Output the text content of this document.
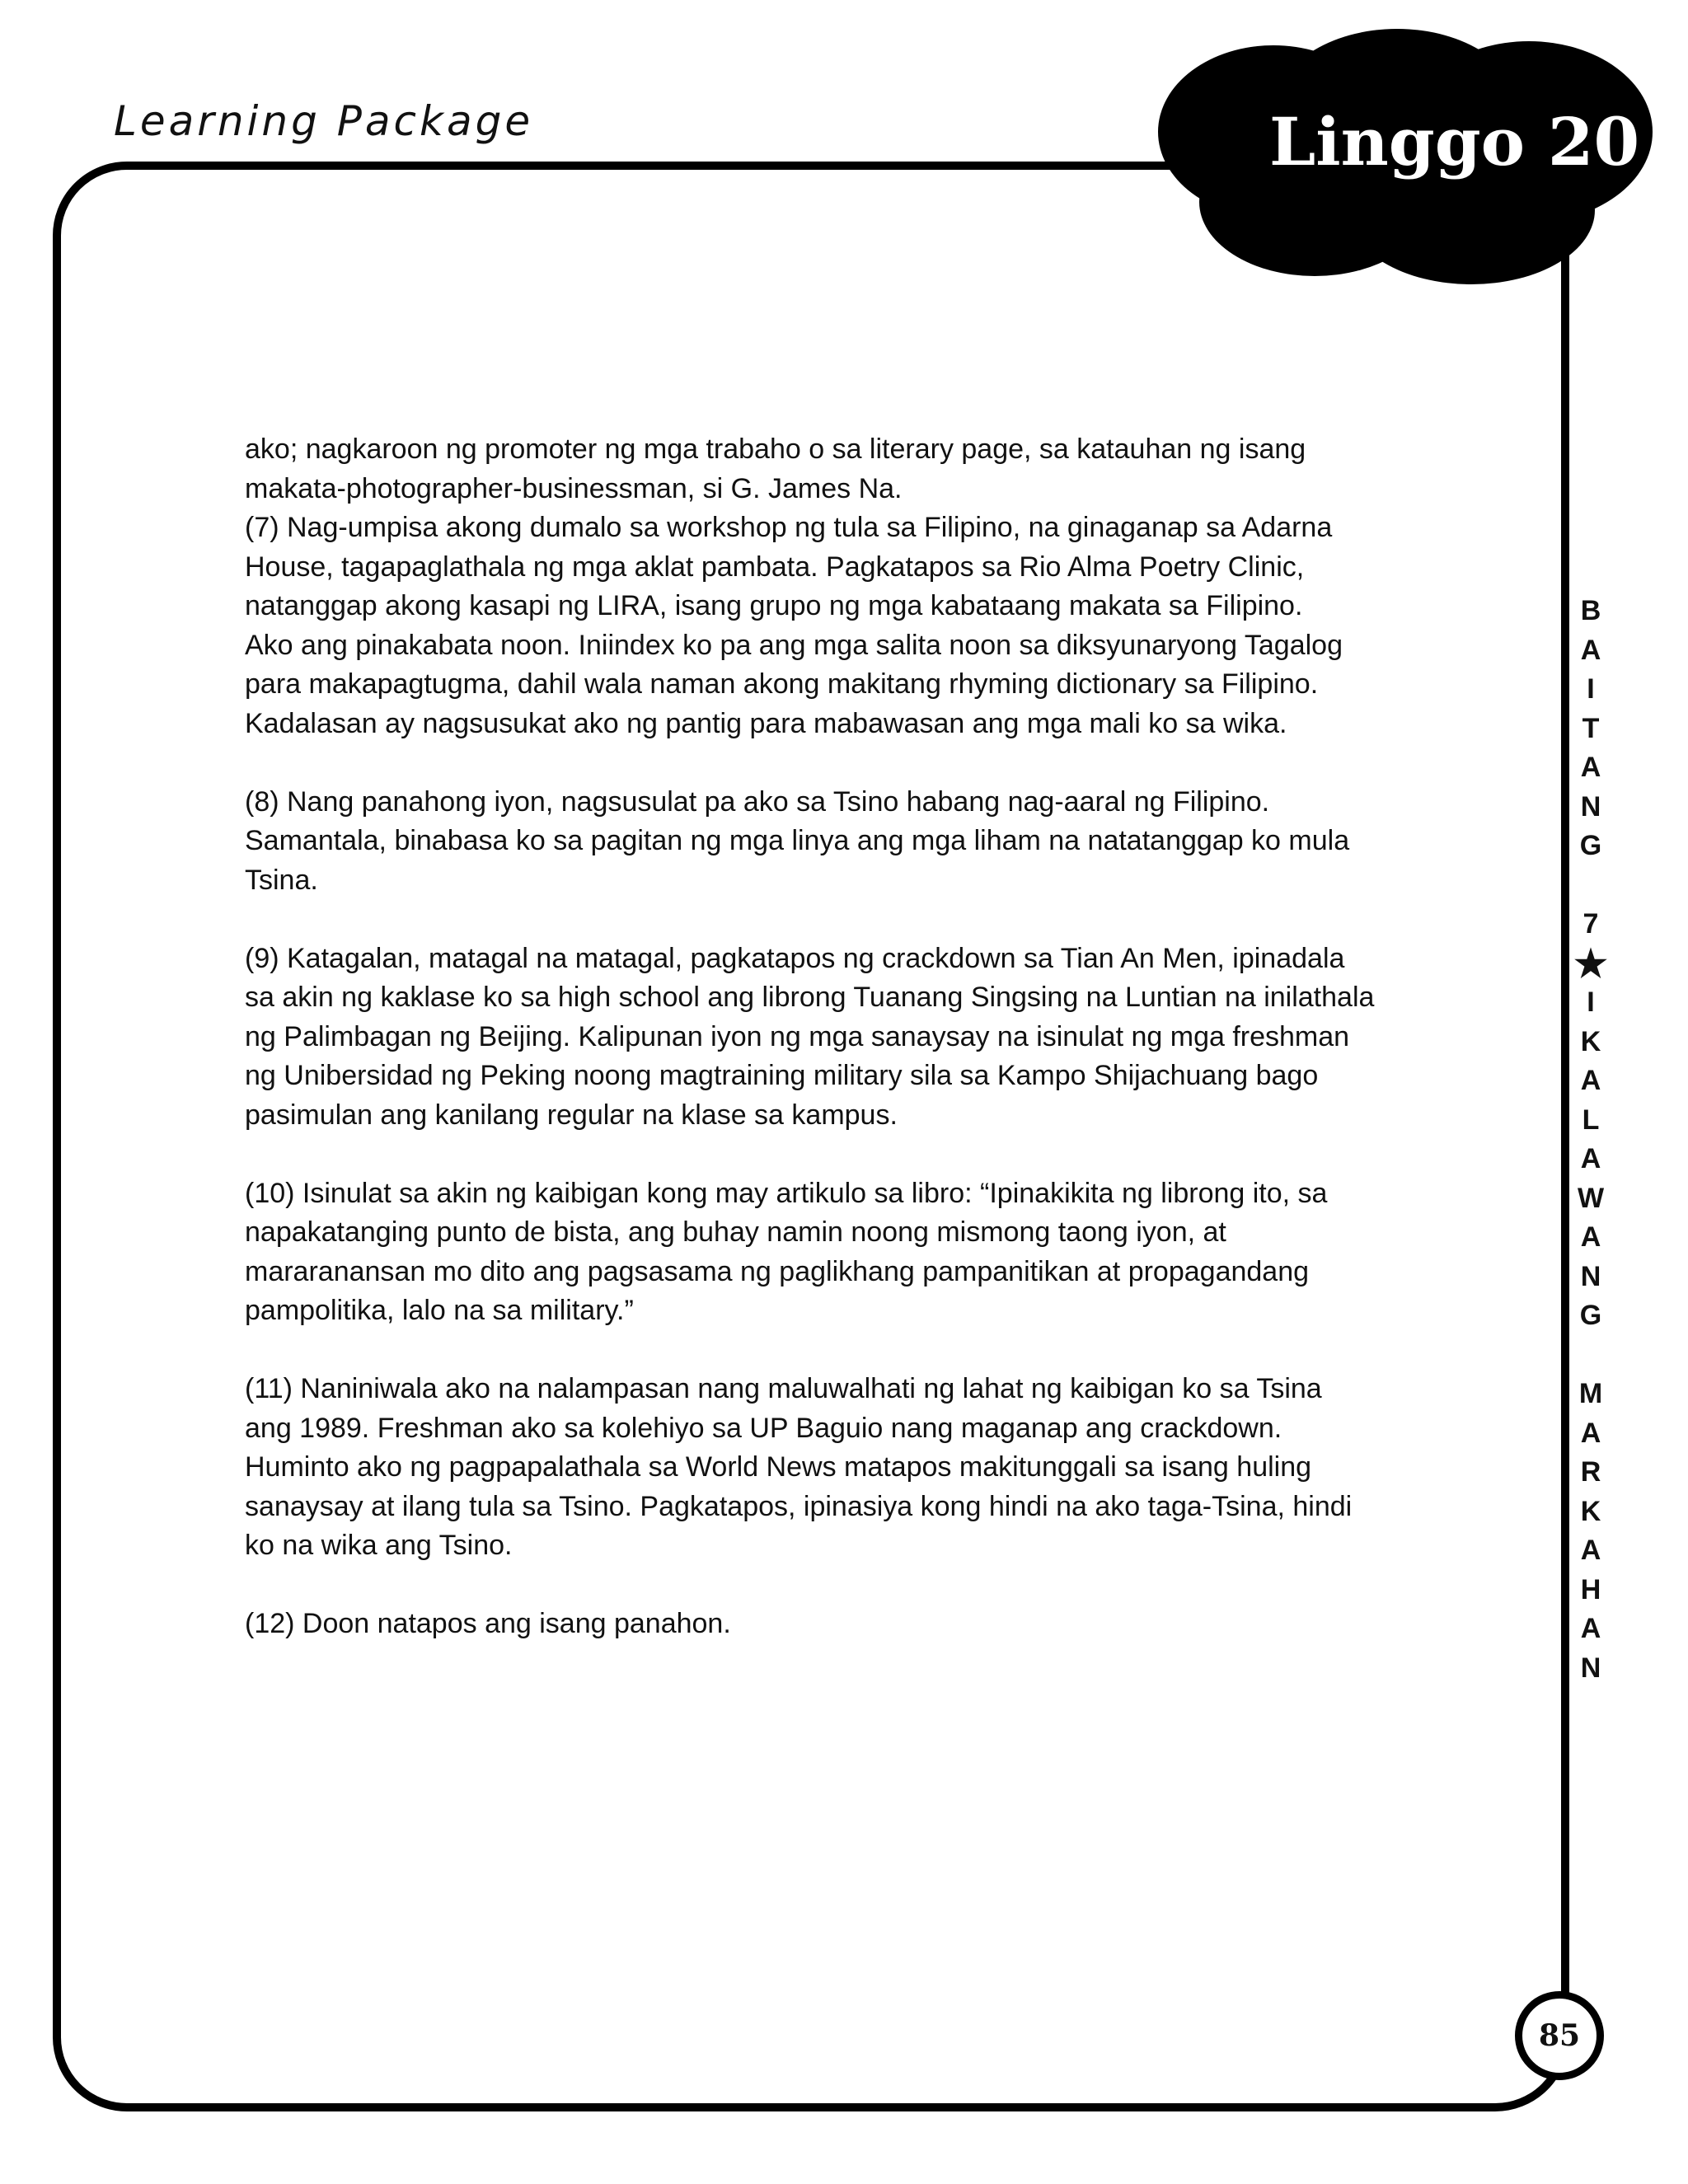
Learning Package	Linggo 20
B
A
I
T
A
N
G
7
★
I
K
A
L
A
W
A
N
G
M
A
R
K
A
H
A
N

ako; nagkaroon ng promoter ng mga trabaho o sa literary page, sa katauhan ng isang
makata-photographer-businessman, si G. James Na.
(7) Nag-umpisa akong dumalo sa workshop ng tula sa Filipino, na ginaganap sa Adarna
House, tagapaglathala ng mga aklat pambata. Pagkatapos sa Rio Alma Poetry Clinic,
natanggap akong kasapi ng LIRA, isang grupo ng mga kabataang makata sa Filipino.
Ako ang pinakabata noon. Iniindex ko pa ang mga salita noon sa diksyunaryong Tagalog
para makapagtugma, dahil wala naman akong makitang rhyming dictionary sa Filipino.
Kadalasan ay nagsusukat ako ng pantig para mabawasan ang mga mali ko sa wika.

(8) Nang panahong iyon, nagsusulat pa ako sa Tsino habang nag-aaral ng Filipino.
Samantala, binabasa ko sa pagitan ng mga linya ang mga liham na natatanggap ko mula
Tsina.

(9) Katagalan, matagal na matagal, pagkatapos ng crackdown sa Tian An Men, ipinadala
sa akin ng kaklase ko sa high school ang librong Tuanang Singsing na Luntian na inilathala
ng Palimbagan ng Beijing. Kalipunan iyon ng mga sanaysay na isinulat ng mga freshman
ng Unibersidad ng Peking noong magtraining military sila sa Kampo Shijachuang bago
pasimulan ang kanilang regular na klase sa kampus.

(10) Isinulat sa akin ng kaibigan kong may artikulo sa libro: “Ipinakikita ng librong ito, sa
napakatanging punto de bista, ang buhay namin noong mismong taong iyon, at
mararanansan mo dito ang pagsasama ng paglikhang pampanitikan at propagandang
pampolitika, lalo na sa military.”

(11) Naniniwala ako na nalampasan nang maluwalhati ng lahat ng kaibigan ko sa Tsina
ang 1989. Freshman ako sa kolehiyo sa UP Baguio nang maganap ang crackdown.
Huminto ako ng pagpapalathala sa World News matapos makitunggali sa isang huling
sanaysay at ilang tula sa Tsino. Pagkatapos, ipinasiya kong hindi na ako taga-Tsina, hindi
ko na wika ang Tsino.

(12) Doon natapos ang isang panahon.

85
